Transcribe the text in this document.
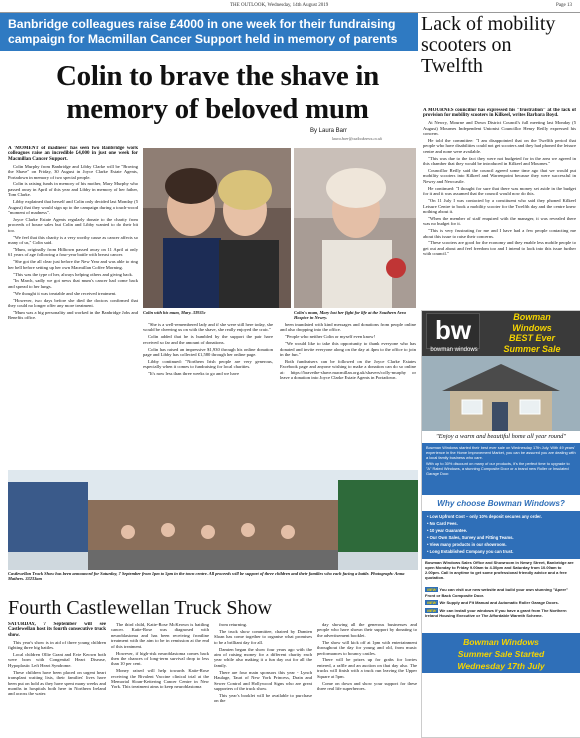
THE OUTLOOK, Wednesday, 14th August 2019	Page 13
Banbridge colleagues raise £4000 in one week for their fundraising campaign for Macmillan Cancer Support held in memory of parents
Colin to brave the shave in memory of beloved mum
By Laura Barr
laura.barr@outlooknews.co.uk

A 'MOMENT of madness' has seen two Banbridge work colleagues raise an incredible £4,000 in just one week for Macmillan Cancer Support.

Colin Murphy from Banbridge and Libby Clarke will be "Braving the Shave" on Friday, 30 August in Joyce Clarke Estate Agents, Portadown in memory of two special people.

Colin is raising funds in memory of his mother, Mary Murphy who passed away in April of this year and Libby in memory of her father, Tom Clarke.

Libby explained that herself and Colin only decided last Monday (5 August) that they would sign up to the campaign during a touch-wood "moment of madness".

Joyce Clarke Estate Agents regularly donate to the charity from proceeds of house sales but Colin and Libby wanted to do their bit too.

"We feel that this charity is a very worthy cause as cancer affects so many of us," Colin said.

"Mum, originally from Hilltown passed away on 11 April at only 61 years of age following a four-year battle with breast cancer.

"She got the all clear just before the New Year and was able to ring her bell before setting up her own Macmillan Coffee Morning.

"This was the type of her, always helping others and giving back.

"In March, sadly we got news that mum's cancer had come back and spread to her lungs.

"We thought it was treatable and she received treatment.

"However, two days before she died the doctors confirmed that they could no longer offer any more treatment.

"Mum was a big personality and worked in the Banbridge Jobs and Benefits office.

Colin with his mum, Mary. 33935c	Colin's mum, Mary lost her fight for life at the Southern Area Hospice in Newry.

"She is a well-remembered lady and if she were still here today, she would be cheering us on with the shave, she really enjoyed the craic."

Colin added that he is humbled by the support the pair have received so far and the amount of donations.

Colin has raised an impressive $1,930 through his online donation page and Libby has collected £1,580 through her online page.

Libby continued: "Northern Irish people are very generous, especially when it comes to fundraising for local charities.

"It's now less than three weeks to go and we have

been inundated with kind messages and donations from people online and also dropping into the office.

"People who neither Colin or myself even know!

"We would like to take this opportunity to thank everyone who has donated and invite everyone along on the day at 4pm to the office to join in the fun."

Both fundraisers can be followed on the Joyce Clarke Estates Facebook page and anyone wishing to make a donation can do so online at: https://bravethe-shave.macmillan.org.uk/shavers/colly-murphy or leave a donation into Joyce Clarke Estate Agents in Portadown.

Lack of mobility scooters on Twelfth

A MOURNES councillor has expressed his "frustration" at the lack of provision for mobility scooters in Kilkeel, writes Barbara Boyd.

At Newry, Mourne and Down District Council's full meeting last Monday (5 August) Mournes Independent Unionist Councillor Henry Reilly expressed his concern.

He told the committee: "I am disappointed that on the Twelfth period that people who have disabilities could not get scooters and they had phoned the leisure centre and none were available.

"This was due to the fact they were not budgeted for in the area we agreed in this chamber that they would be introduced in Kilkeel and Mournes."

Councillor Reilly said the council agreed some time ago that we would put mobility scooters into Kilkeel and Warrenpoint because they were successful in Newry and Newcastle.

He continued: "I thought for sure that there was money set aside in the budget for it and it was assumed that the council would now do this.

"On 11 July I was contacted by a constituent who said they phoned Kilkeel Leisure Centre to book a mobility scooter for the Twelfth day and the centre knew nothing about it.

"When the member of staff enquired with the manager, it was revealed there was no budget for it.

"This is very frustrating for me and I have had a few people contacting me about this issue to raise their concerns.

"These scooters are good for the economy and they enable less mobile people to get out and about and feel freedom too and I intend to look into this issue further with council."

bw
bowman windows
Bowman
Windows
BEST Ever
Summer Sale
"Enjoy a warm and beautiful home all year round"
Bowman Windows started their best ever sale on Wednesday 17th July. With 49 years' experience in the Home Improvement Market, you can be assured you are dealing with a local family business who care.
With up to 30% discount on many of our products, it's the perfect time to upgrade to "A" Rated Windows, a stunning Composite Door or a brand new Roller or Insulated Garage Door.
Why choose Bowman Windows?
• Low Upfront Cost – only 10% deposit secures any order.
• No Card Fees.
• 10 year Guarantee.
• Our Own Sales, Survey and Fitting Teams.
• View many products in our showroom.
• Long Established Company you can trust.
Bowman Windows Sales Office and Showroom in Newry Street, Banbridge are open Monday to Friday 9.00am to 4.30pm and Saturday from 10.00am to 2.00pm. Call in anytime to get some professional friendly advice and a free quotation.
NEW You can visit our new website and build your own stunning "Apeer" Front or Back Composite Door.
NEW We Supply and Fit Manual and Automatic Roller Garage Doors.
NEW We can install your windows if you have a grant from The Northern Ireland Housing Executive or The Affordable Warmth Scheme.
Bowman Windows
Summer Sale Started
Wednesday 17th July
Castlewellan Truck Show has been announced for Saturday, 7 September from 1pm to 5pm in the town centre. All proceeds will be support of three children and their families who each facing a battle. Photograph: Anna Mathers. 33233am
Fourth Castlewellan Truck Show

SATURDAY, 7 September will see Castlewellan host its fourth consecutive truck show.

This year's show is in aid of three young children fighting three big battles.

Local children Ollie Grant and Evie Keown both were born with Congenital Heart Disease, Hypoplastic Left Heart Syndrome.

These children have been placed on urgent heart transplant waiting lists, their families' lives have been put on hold as they have spent many weeks and months in hospitals both here in Northern Ireland and across the water.

The third child, Katie-Rose McKeown is battling cancer. Katie-Rose was diagnosed with neuroblastoma and has been receiving frontline treatment with the aim to be in remission at the end of this treatment.

However, if high-risk neuroblastoma comes back then the chances of long-term survival drop to less than 10 per cent.

Money raised will help towards Katie-Rose receiving the Bivalent Vaccine clinical trial at the Memorial Sloan-Kettering Cancer Centre in New York. This treatment aims to keep neuroblastoma

from returning.

The truck show committee, chaired by Damien Sloan has come together to organise what promises to be a brilliant day for all.

Damien began the show four years ago with the aim of raising money for a different charity each year while also making it a fun day out for all the family.

There are four main sponsors this year - Lynch Haulage, Tauri of New York Princess, Drain and Sewer Control and Hollywood Signs who are great supporters of the truck show.

This year's booklet will be available to purchase on the

day showing all the generous businesses and people who have shown their support by donating to the advertisement booklet.

The show will kick off at 1pm with entertainment throughout the day for young and old, from music performances to bouncy castles.

There will be prizes up for grabs for lorries entered, a raffle and an auction on that day also. The trucks will finish with a truck run leaving the Upper Square at 5pm.

Come on down and show your support for these three real life superheroes.
